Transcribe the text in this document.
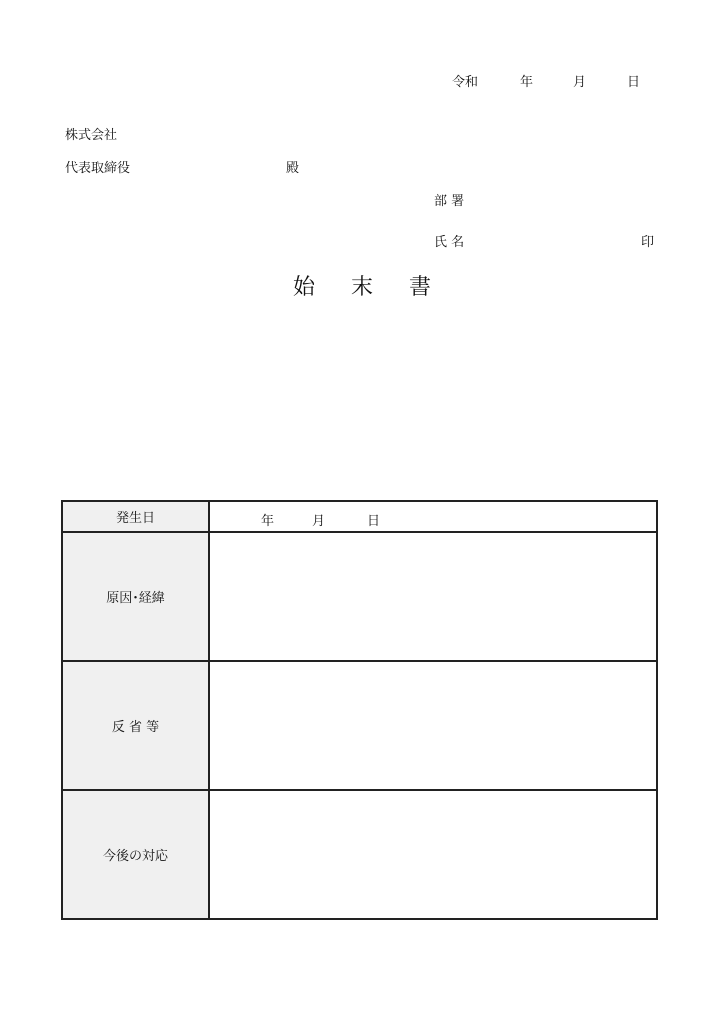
令和	年	月	日
株式会社
代表取締役	殿
部 署
氏 名	印
始 末 書
発生日	年 月 日

原因･経緯	
反 省 等	
今後の対応	
